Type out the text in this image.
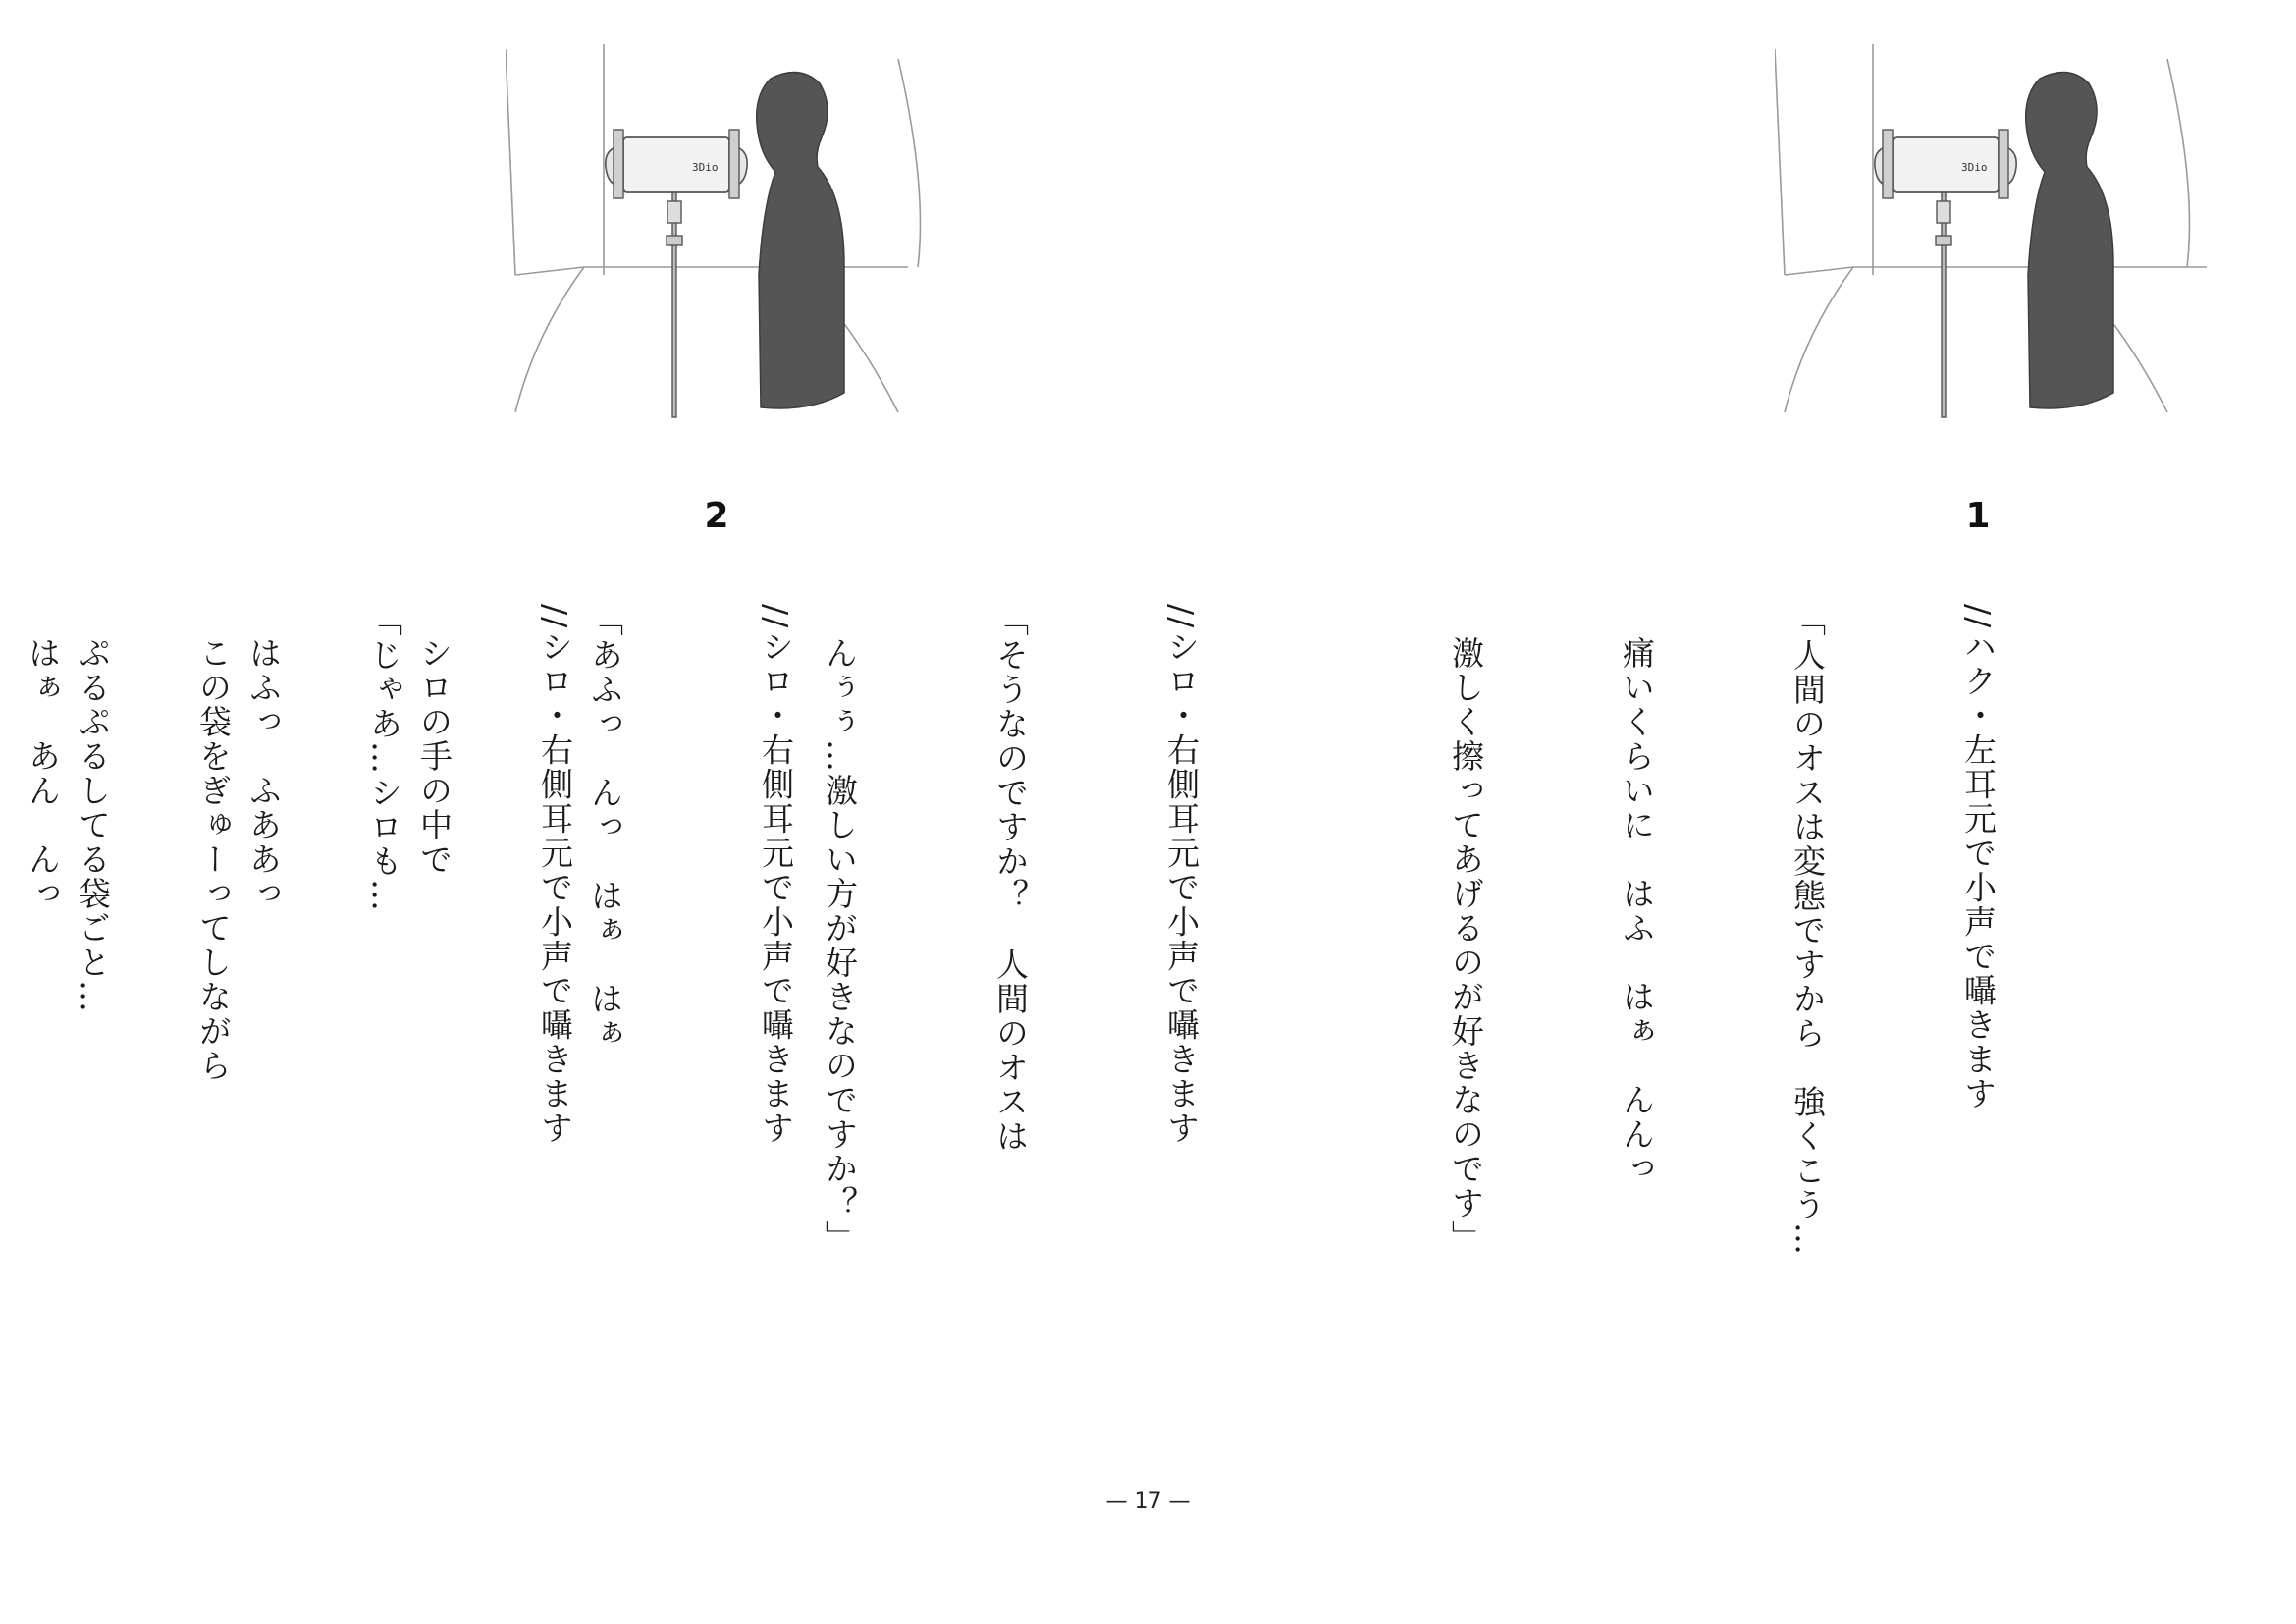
3Dio	3Dio
2	1

//ハク・左耳元で小声で囁きます

「人間のオスは変態ですから　強くこう…

痛いくらいに　はふ　はぁ　んんっ

激しく擦ってあげるのが好きなのです」

//シロ・右側耳元で小声で囁きます

「そうなのですか？　人間のオスは

んぅぅ…激しい方が好きなのですか？」

//シロ・右側耳元で小声で囁きます

「じゃあ…シロも…

この袋をぎゅーってしながら

はぁ　あん　んっ

	//シロ・右側耳元で小声で囁きます

「あふっ　んっ　はぁ　はぁ

シロの手の中で

はふっ　ふああっ

ぷるぷるしてる袋ごと…

— 17 —
